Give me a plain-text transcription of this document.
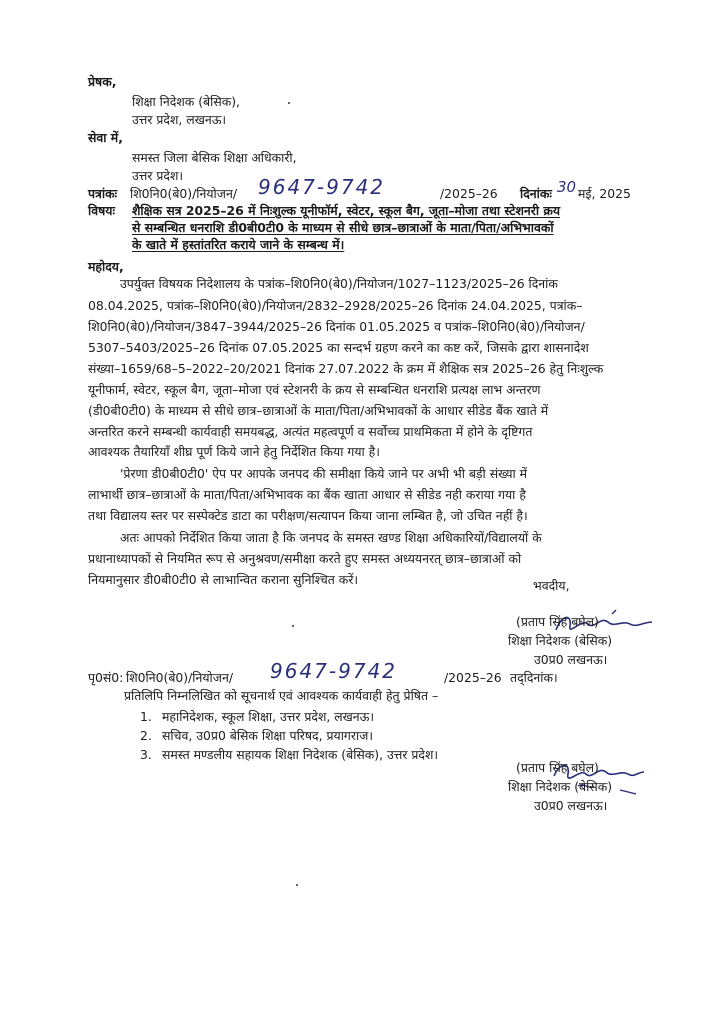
प्रेषक,
शिक्षा निदेशक (बेसिक),
उत्तर प्रदेश, लखनऊ।
सेवा में,
समस्त जिला बेसिक शिक्षा अधिकारी,
उत्तर प्रदेश।
पत्रांकः शि0नि0(बे0)/नियोजन/ 9647-9742	/2025–26 दिनांकः 30 मई, 2025
विषयः शैक्षिक सत्र 2025–26 में निःशुल्क यूनीफॉर्म, स्वेटर, स्कूल बैग, जूता–मोजा तथा स्टेशनरी क्रय
से सम्बन्धित धनराशि डी0बी0टी0 के माध्यम से सीधे छात्र–छात्राओं के माता/पिता/अभिभावकों
के खाते में हस्तांतरित कराये जाने के सम्बन्ध में।
महोदय,
उपर्युक्त विषयक निदेशालय के पत्रांक–शि0नि0(बे0)/नियोजन/1027–1123/2025–26 दिनांक
08.04.2025, पत्रांक–शि0नि0(बे0)/नियोजन/2832–2928/2025–26 दिनांक 24.04.2025, पत्रांक–
शि0नि0(बे0)/नियोजन/3847–3944/2025–26 दिनांक 01.05.2025 व पत्रांक–शि0नि0(बे0)/नियोजन/
5307–5403/2025–26 दिनांक 07.05.2025 का सन्दर्भ ग्रहण करने का कष्ट करें, जिसके द्वारा शासनादेश
संख्या–1659/68–5–2022–20/2021 दिनांक 27.07.2022 के क्रम में शैक्षिक सत्र 2025–26 हेतु निःशुल्क
यूनीफार्म, स्वेटर, स्कूल बैग, जूता–मोजा एवं स्टेशनरी के क्रय से सम्बन्धित धनराशि प्रत्यक्ष लाभ अन्तरण
(डी0बी0टी0) के माध्यम से सीधे छात्र–छात्राओं के माता/पिता/अभिभावकों के आधार सीडेड बैंक खाते में
अन्तरित करने सम्बन्धी कार्यवाही समयबद्ध, अत्यंत महत्वपूर्ण व सर्वोच्च प्राथमिकता में होने के दृष्टिगत
आवश्यक तैयारियाँ शीघ्र पूर्ण किये जाने हेतु निर्देशित किया गया है।
'प्रेरणा डी0बी0टी0' ऐप पर आपके जनपद की समीक्षा किये जाने पर अभी भी बड़ी संख्या में
लाभार्थी छात्र–छात्राओं के माता/पिता/अभिभावक का बैंक खाता आधार से सीडेड नही कराया गया है
तथा विद्यालय स्तर पर सस्पेक्टेड डाटा का परीक्षण/सत्यापन किया जाना लम्बित है, जो उचित नहीं है।
अतः आपको निर्देशित किया जाता है कि जनपद के समस्त खण्ड शिक्षा अधिकारियों/विद्यालयों के
प्रधानाध्यापकों से नियमित रूप से अनुश्रवण/समीक्षा करते हुए समस्त अध्ययनरत् छात्र–छात्राओं को
नियमानुसार डी0बी0टी0 से लाभान्वित कराना सुनिश्चित करें।	भवदीय,
(प्रताप सिंह बघेल)
शिक्षा निदेशक (बेसिक)
उ0प्र0 लखनऊ।
पृ0सं0: शि0नि0(बे0)/नियोजन/ 9647-9742	/2025–26 तद्‌दिनांक।
प्रतिलिपि निम्नलिखित को सूचनार्थ एवं आवश्यक कार्यवाही हेतु प्रेषित –
1. महानिदेशक, स्कूल शिक्षा, उत्तर प्रदेश, लखनऊ।
2. सचिव, उ0प्र0 बेसिक शिक्षा परिषद, प्रयागराज।
3. समस्त मण्डलीय सहायक शिक्षा निदेशक (बेसिक), उत्तर प्रदेश।
(प्रताप सिंह बघेल)
शिक्षा निदेशक (बेसिक)
उ0प्र0 लखनऊ।
